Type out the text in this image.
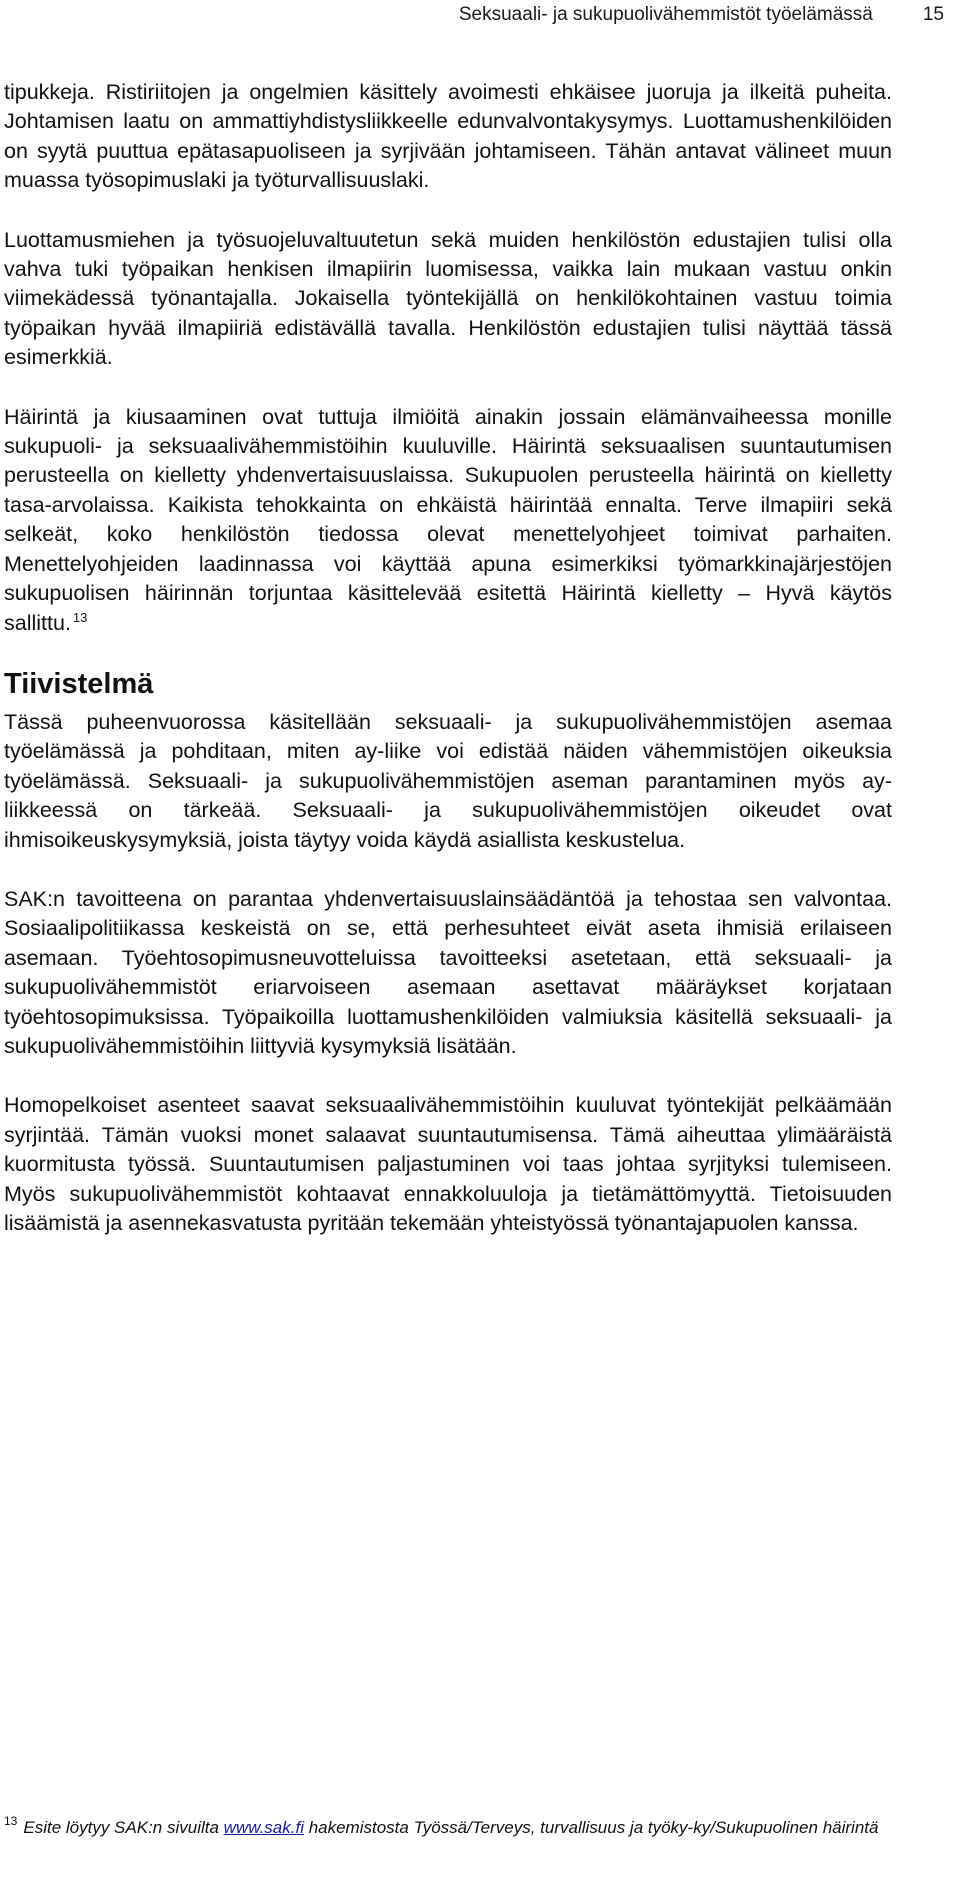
Seksuaali- ja sukupuolivähemmistöt työelämässä	15

tipukkeja. Ristiriitojen ja ongelmien käsittely avoimesti ehkäisee juoruja ja ilkeitä puheita. Johtamisen laatu on ammattiyhdistysliikkeelle edunvalvontakysymys. Luottamushenkilöiden on syytä puuttua epätasapuoliseen ja syrjivään johtamiseen. Tähän antavat välineet muun muassa työsopimuslaki ja työturvallisuuslaki.

Luottamusmiehen ja työsuojeluvaltuutetun sekä muiden henkilöstön edustajien tulisi olla vahva tuki työpaikan henkisen ilmapiirin luomisessa, vaikka lain mukaan vastuu onkin viimekädessä työnantajalla. Jokaisella työntekijällä on henkilökohtainen vastuu toimia työpaikan hyvää ilmapiiriä edistävällä tavalla. Henkilöstön edustajien tulisi näyttää tässä esimerkkiä.

Häirintä ja kiusaaminen ovat tuttuja ilmiöitä ainakin jossain elämänvaiheessa monille sukupuoli- ja seksuaalivähemmistöihin kuuluville. Häirintä seksuaalisen suuntautumisen perusteella on kielletty yhdenvertaisuuslaissa. Sukupuolen perusteella häirintä on kielletty tasa-arvolaissa. Kaikista tehokkainta on ehkäistä häirintää ennalta. Terve ilmapiiri sekä selkeät, koko henkilöstön tiedossa olevat menettelyohjeet toimivat parhaiten. Menettelyohjeiden laadinnassa voi käyttää apuna esimerkiksi työmarkkinajärjestöjen sukupuolisen häirinnän torjuntaa käsittelevää esitettä Häirintä kielletty – Hyvä käytös sallittu. $^{13}$

Tiivistelmä

Tässä puheenvuorossa käsitellään seksuaali- ja sukupuolivähemmistöjen asemaa työelämässä ja pohditaan, miten ay-liike voi edistää näiden vähemmistöjen oikeuksia työelämässä. Seksuaali- ja sukupuolivähemmistöjen aseman parantaminen myös ay-liikkeessä on tärkeää. Seksuaali- ja sukupuolivähemmistöjen oikeudet ovat ihmisoikeuskysymyksiä, joista täytyy voida käydä asiallista keskustelua.

SAK:n tavoitteena on parantaa yhdenvertaisuuslainsäädäntöä ja tehostaa sen valvontaa. Sosiaalipolitiikassa keskeistä on se, että perhesuhteet eivät aseta ihmisiä erilaiseen asemaan. Työehtosopimusneuvotteluissa tavoitteeksi asetetaan, että seksuaali- ja sukupuolivähemmistöt eriarvoiseen asemaan asettavat määräykset korjataan työehtosopimuksissa. Työpaikoilla luottamushenkilöiden valmiuksia käsitellä seksuaali- ja sukupuolivähemmistöihin liittyviä kysymyksiä lisätään.

Homopelkoiset asenteet saavat seksuaalivähemmistöihin kuuluvat työntekijät pelkäämään syrjintää. Tämän vuoksi monet salaavat suuntautumisensa. Tämä aiheuttaa ylimääräistä kuormitusta työssä. Suuntautumisen paljastuminen voi taas johtaa syrjityksi tulemiseen. Myös sukupuolivähemmistöt kohtaavat ennakkoluuloja ja tietämättömyyttä. Tietoisuuden lisäämistä ja asennekasvatusta pyritään tekemään yhteistyössä työnantajapuolen kanssa.

$^{13}$ Esite löytyy SAK:n sivuilta www.sak.fi hakemistosta Työssä/Terveys, turvallisuus ja työky-ky/Sukupuolinen häirintä
